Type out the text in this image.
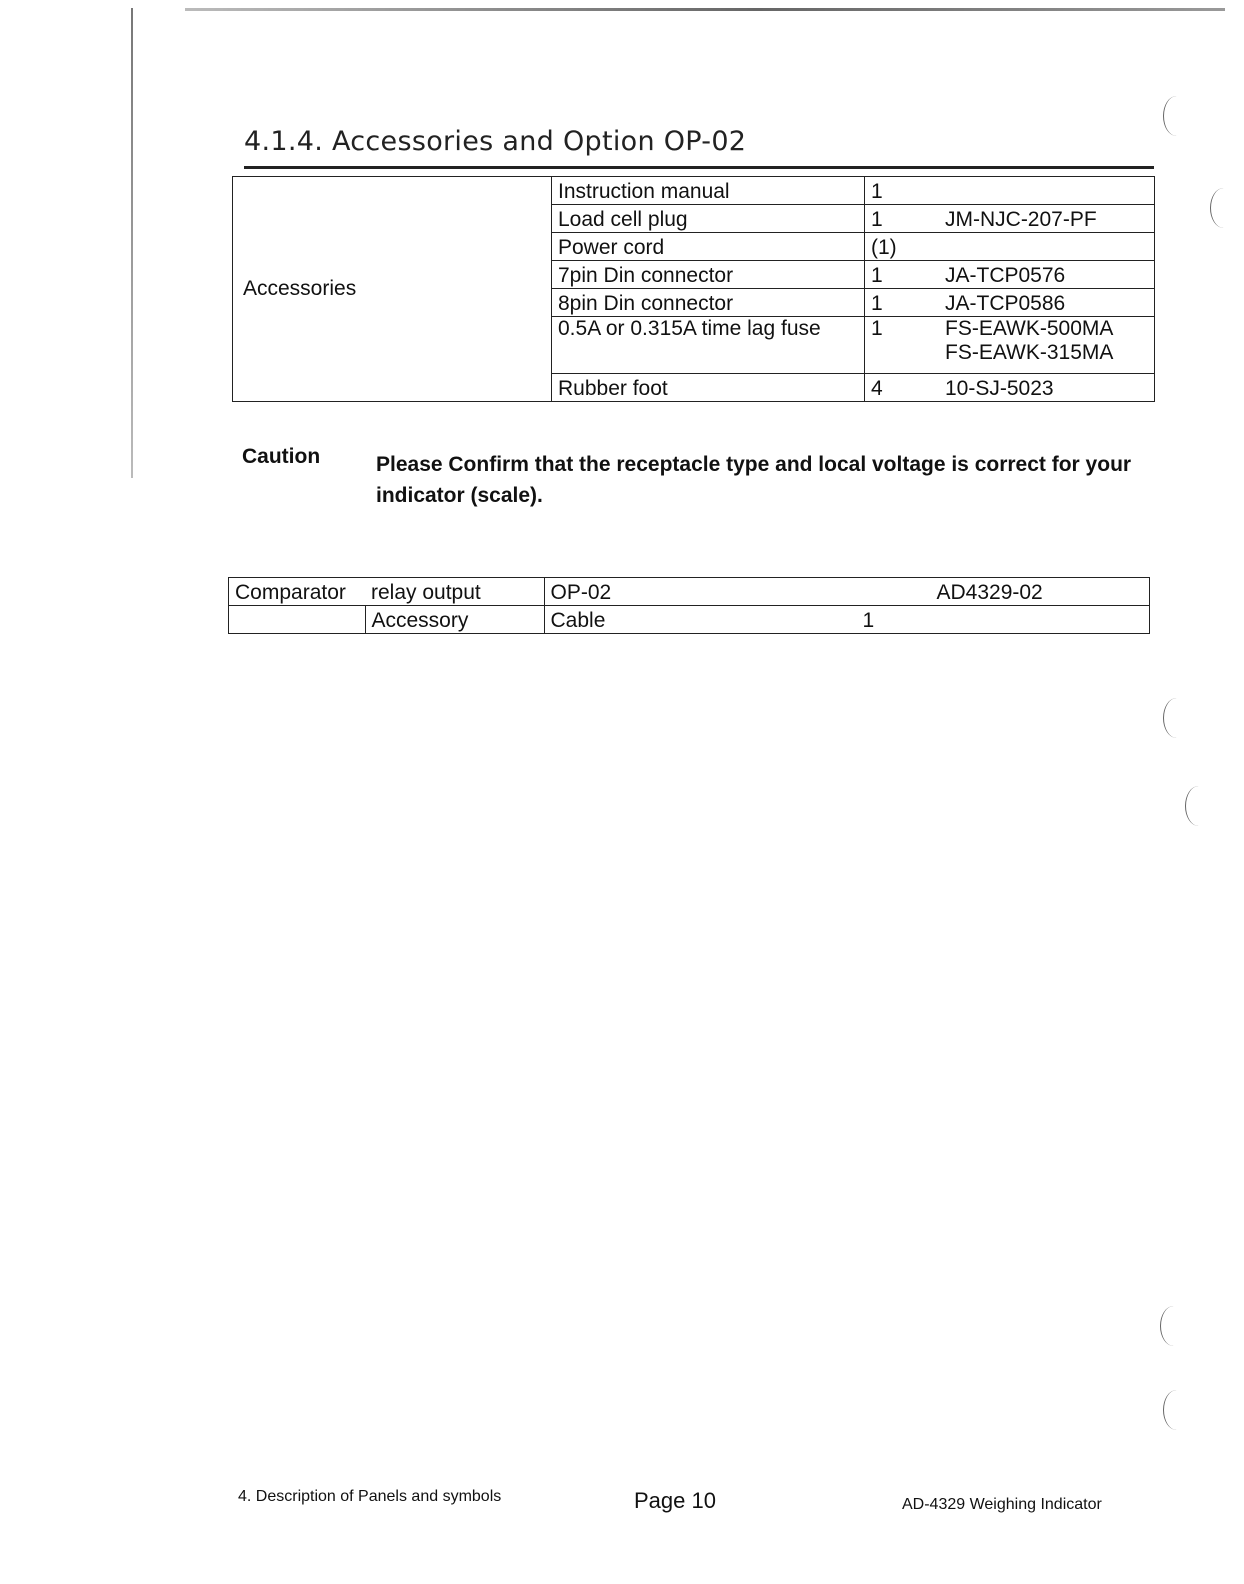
4.1.4. Accessories and Option OP-02
Accessories	Instruction manual	1	
	Load cell plug	1	JM-NJC-207-PF
	Power cord	(1)	
	7pin Din connector	1	JA-TCP0576
	8pin Din connector	1	JA-TCP0586
	0.5A or 0.315A time lag fuse	1	FS-EAWK-500MA
FS-EAWK-315MA

	Rubber foot	4	10-SJ-5023
Caution	Please Confirm that the receptacle type and local voltage is correct for your indicator (scale).
Comparator	relay output	OP-02		AD4329-02
	Accessory	Cable	1	
4. Description of Panels and symbols	Page 10	AD-4329 Weighing Indicator
